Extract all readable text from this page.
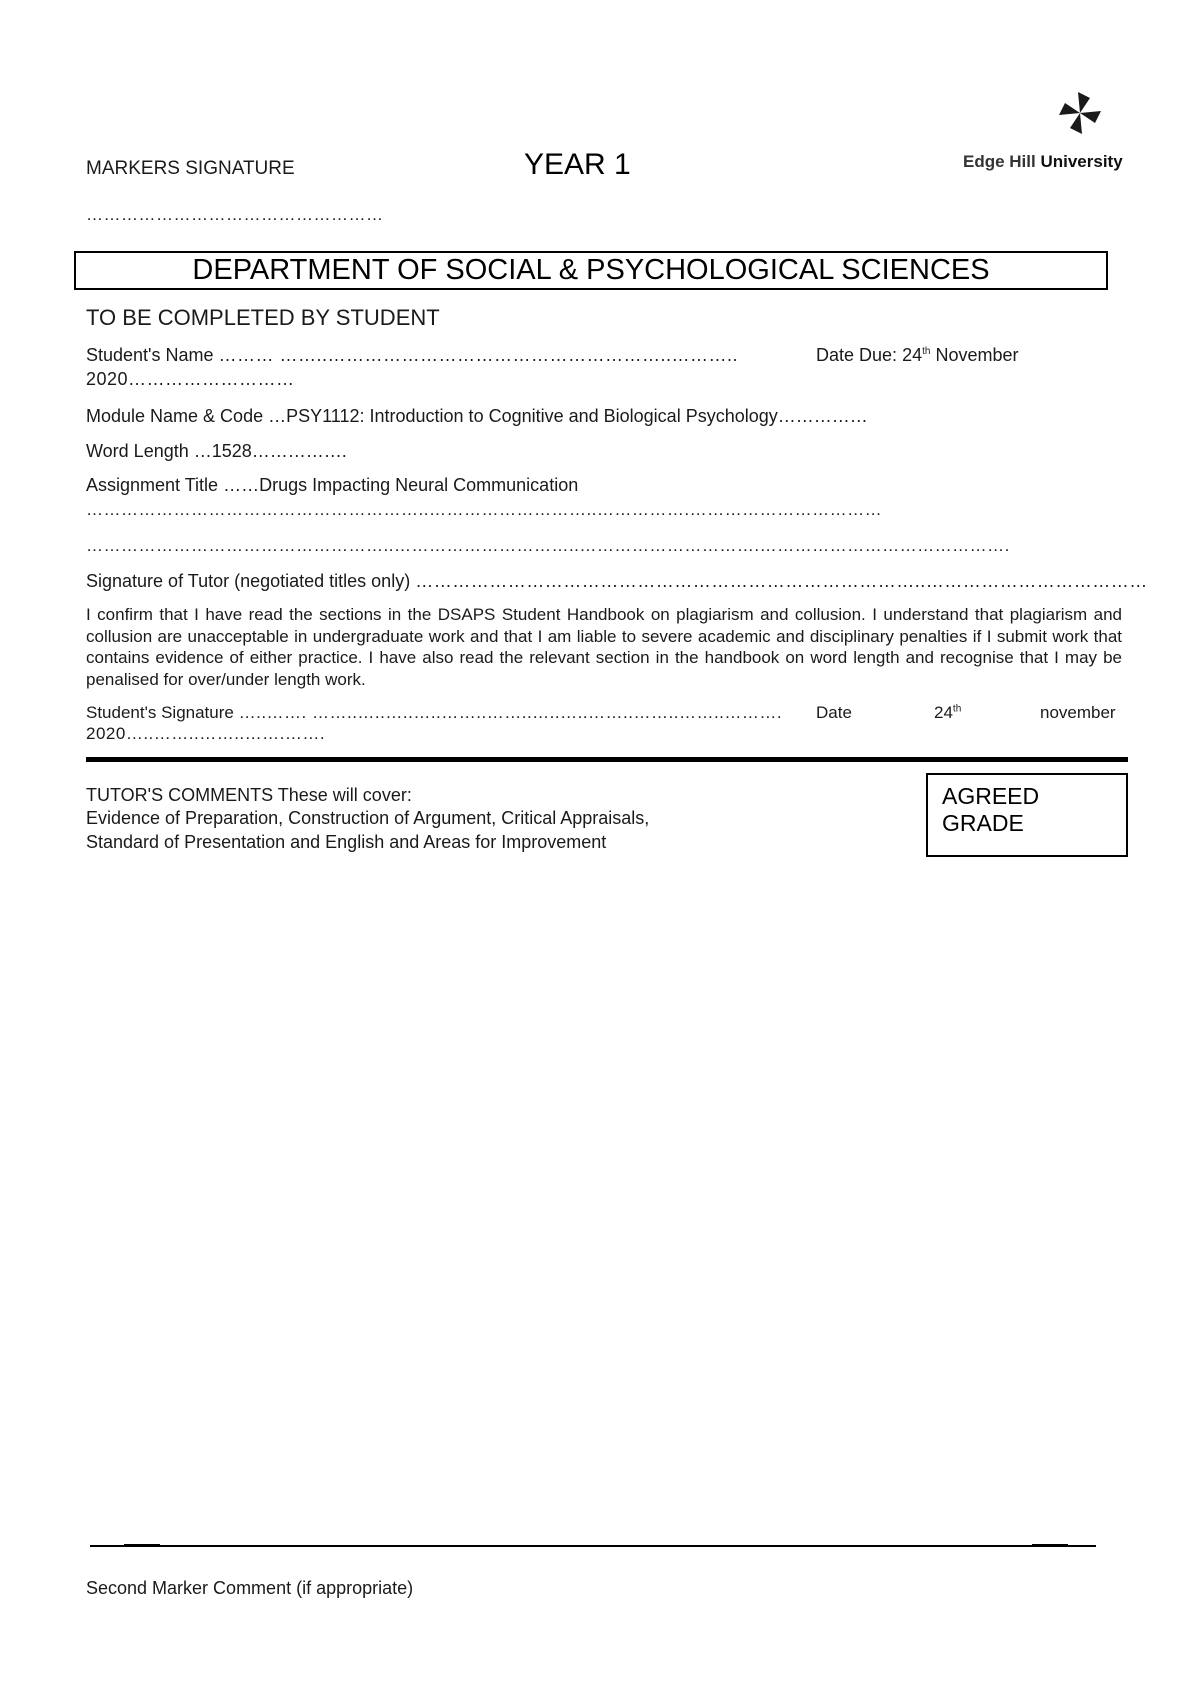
MARKERS SIGNATURE	YEAR 1
……………………………………………
Edge Hill University
DEPARTMENT OF SOCIAL & PSYCHOLOGICAL SCIENCES
TO BE COMPLETED BY STUDENT
Student's Name ……… ……..………………………………………………..………..	Date Due: 24th November
2020………………………
Module Name & Code …PSY1112: Introduction to Cognitive and Biological Psychology……………
Word Length …1528…………….
Assignment Title ……Drugs Impacting Neural Communication
…………………………………………………..………………………..…………….……………………………
……………………………………………..…………………………..………………………….…………………………………….
Signature of Tutor (negotiated titles only) ………………………………………………………………………..………………………………
I confirm that I have read the sections in the DSAPS Student Handbook on plagiarism and collusion. I understand that plagiarism and collusion are unacceptable in undergraduate work and that I am liable to severe academic and disciplinary penalties if I submit work that contains evidence of either practice. I have also read the relevant section in the handbook on word length and recognise that I may be penalised for over/under length work.
Student's Signature …..……. ……..…..…..…..……..……..…..…..……..……..……..………. Date	24th	november
2020…..……..……..…….…….
TUTOR'S COMMENTS These will cover:
Evidence of Preparation, Construction of Argument, Critical Appraisals,
Standard of Presentation and English and Areas for Improvement
AGREED
GRADE
Second Marker Comment (if appropriate)
